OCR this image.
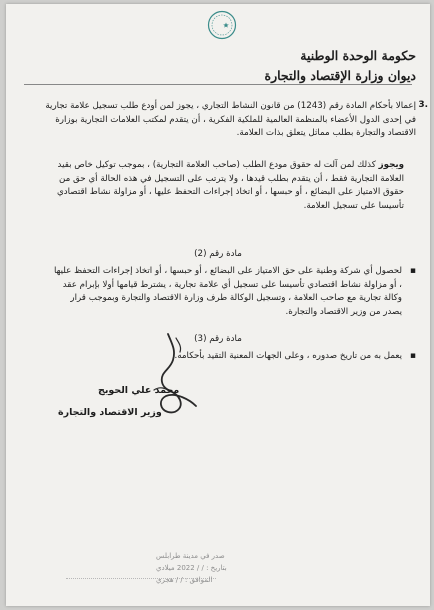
حكومة الوحدة الوطنية
ديوان وزارة الإقتصاد والتجارة
3.
إعمالا بأحكام المادة رقم (1243) من قانون النشاط التجاري ، يجوز لمن أودع طلب تسجيل علامة تجارية في إحدى الدول الأعضاء بالمنظمة العالمية للملكية الفكرية ، أن يتقدم لمكتب العلامات التجارية بوزارة الاقتصاد والتجارة بطلب مماثل يتعلق بذات العلامة.
ويجوز كذلك لمن آلت له حقوق مودع الطلب (صاحب العلامة التجارية) ، بموجب توكيل خاص بقيد العلامة التجارية فقط ، أن يتقدم بطلب قيدها ، ولا يترتب على التسجيل في هذه الحالة أي حق من حقوق الامتياز على البضائع ، أو حبسها ، أو اتخاذ إجراءات التحفظ عليها ، أو مزاولة نشاط اقتصادي تأسيسا على تسجيل العلامة.
مادة رقم (2)
▪
لحصول أي شركة وطنية على حق الامتياز على البضائع ، أو حبسها ، أو اتخاذ إجراءات التحفظ عليها ، أو مزاولة نشاط اقتصادي تأسيسا على تسجيل أي علامة تجارية ، يشترط قيامها أولا بإبرام عقد وكالة تجارية مع صاحب العلامة ، وتسجيل الوكالة طرف وزارة الاقتصاد والتجارة وبموجب قرار يصدر من وزير الاقتصاد والتجارة.
مادة رقم (3)
▪
يعمل به من تاريخ صدوره ، وعلى الجهات المعنية التقيد بأحكامه.
محمد علي الحويج
وزير الاقتصاد والتجارة
صدر في مدينة طرابلس
بتاريخ : / / 2022 ميلادي
الموافق : / / هجري
